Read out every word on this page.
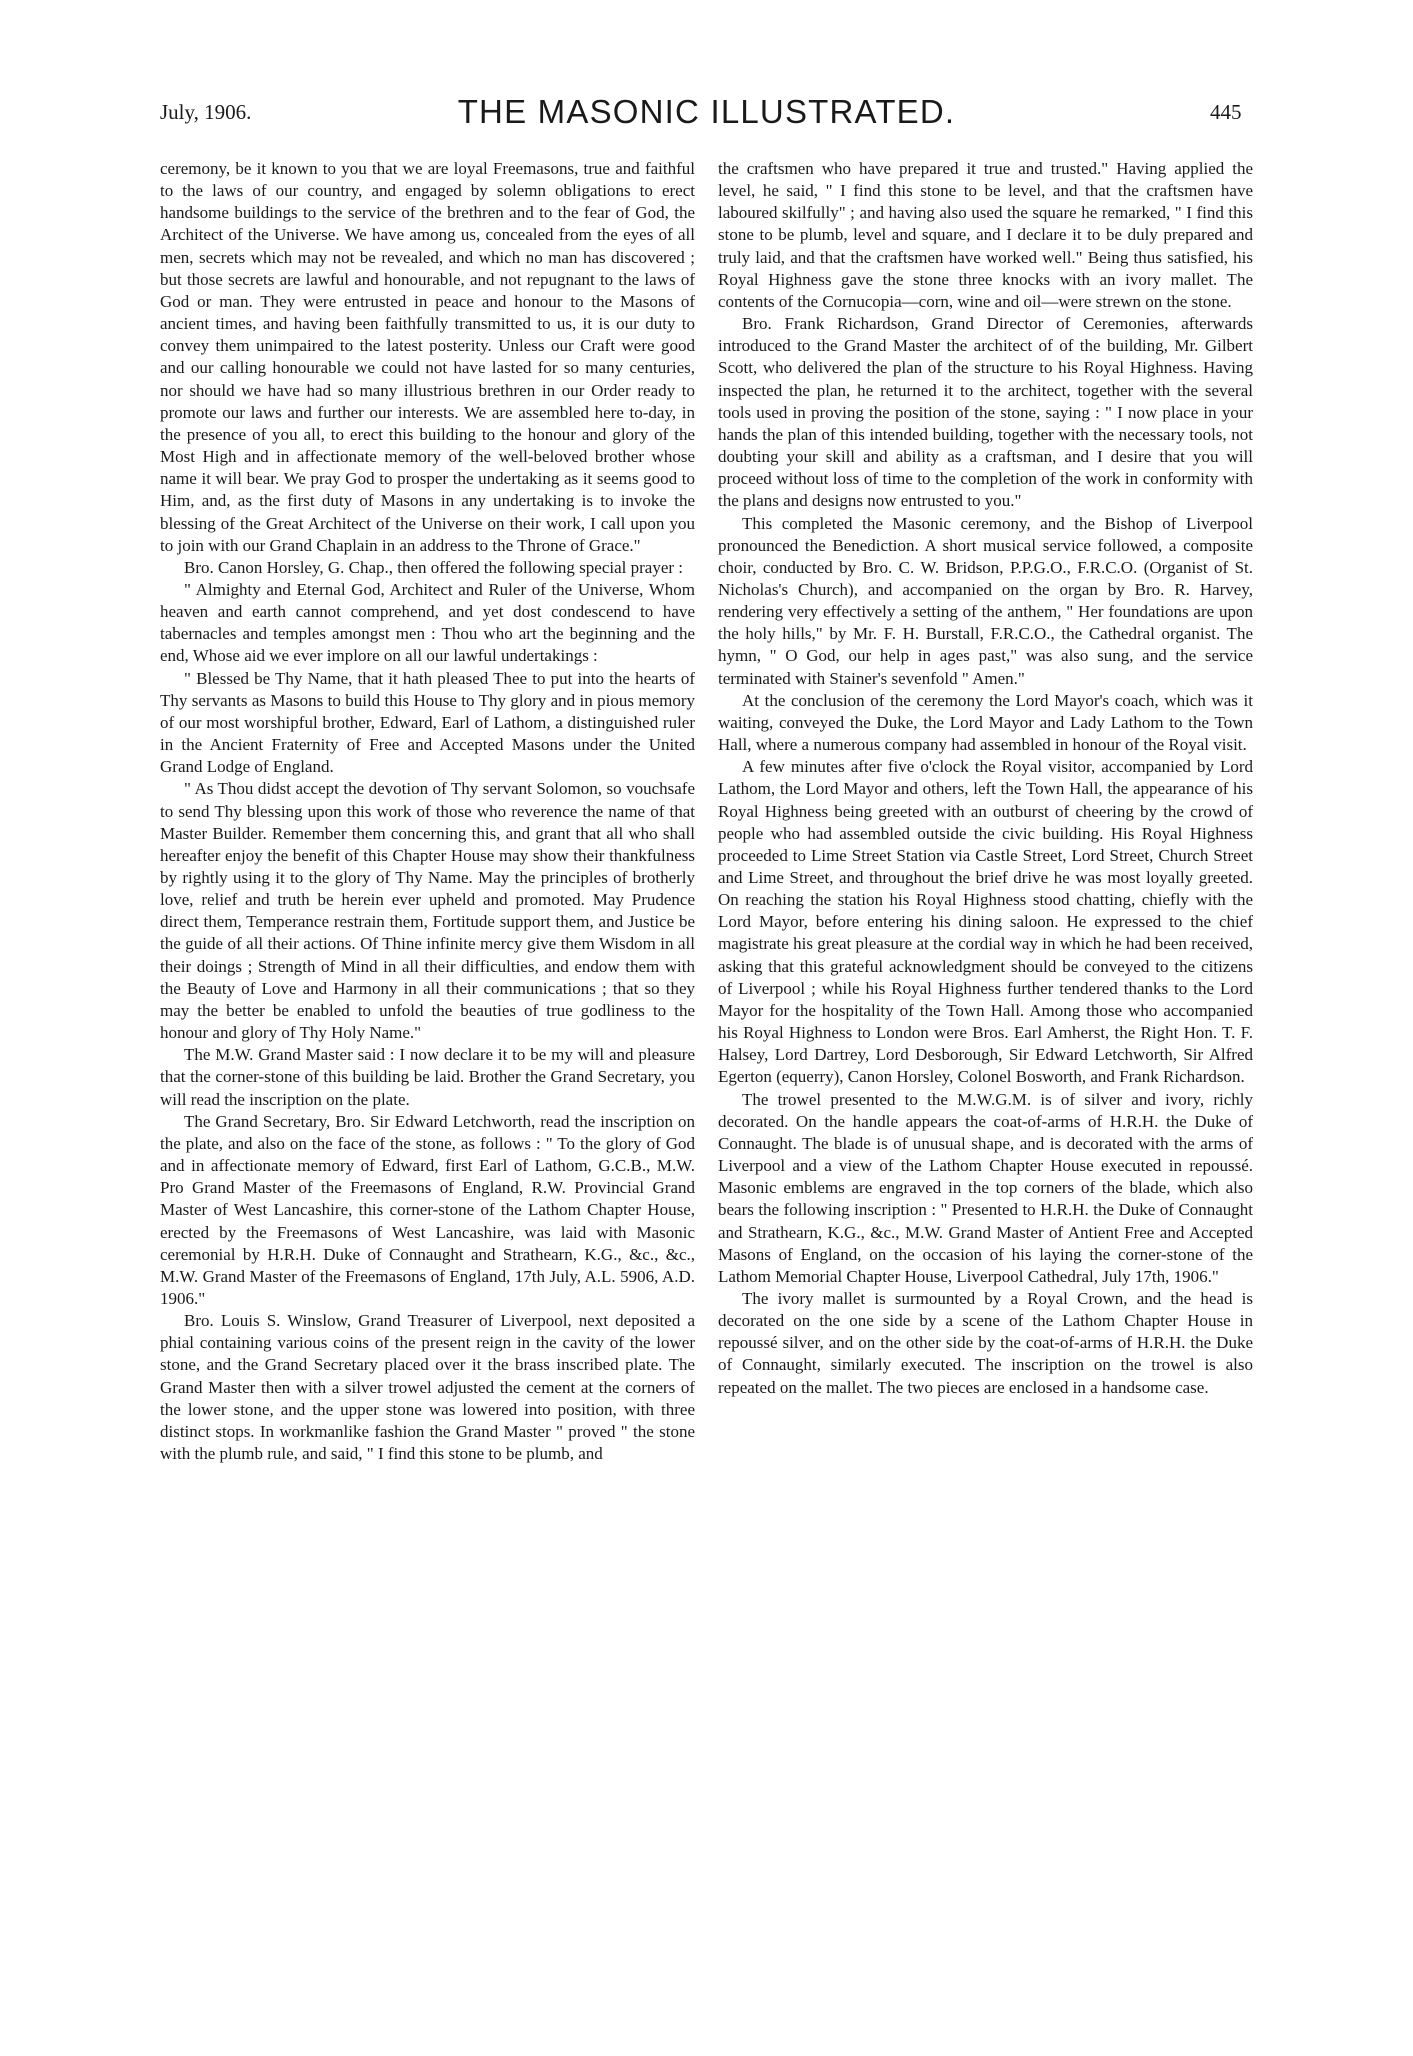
July, 1906.	THE MASONIC ILLUSTRATED.	445

ceremony, be it known to you that we are loyal Freemasons, true and faithful to the laws of our country, and engaged by solemn obligations to erect handsome buildings to the service of the brethren and to the fear of God, the Architect of the Universe. We have among us, concealed from the eyes of all men, secrets which may not be revealed, and which no man has discovered ; but those secrets are lawful and honourable, and not repugnant to the laws of God or man. They were entrusted in peace and honour to the Masons of ancient times, and having been faithfully transmitted to us, it is our duty to convey them unimpaired to the latest posterity. Unless our Craft were good and our calling honourable we could not have lasted for so many centuries, nor should we have had so many illustrious brethren in our Order ready to promote our laws and further our interests. We are assembled here to-day, in the presence of you all, to erect this building to the honour and glory of the Most High and in affectionate memory of the well-beloved brother whose name it will bear. We pray God to prosper the undertaking as it seems good to Him, and, as the first duty of Masons in any undertaking is to invoke the blessing of the Great Architect of the Universe on their work, I call upon you to join with our Grand Chaplain in an address to the Throne of Grace."

Bro. Canon Horsley, G. Chap., then offered the following special prayer :

" Almighty and Eternal God, Architect and Ruler of the Universe, Whom heaven and earth cannot comprehend, and yet dost condescend to have tabernacles and temples amongst men : Thou who art the beginning and the end, Whose aid we ever implore on all our lawful undertakings :

" Blessed be Thy Name, that it hath pleased Thee to put into the hearts of Thy servants as Masons to build this House to Thy glory and in pious memory of our most worshipful brother, Edward, Earl of Lathom, a distinguished ruler in the Ancient Fraternity of Free and Accepted Masons under the United Grand Lodge of England.

" As Thou didst accept the devotion of Thy servant Solomon, so vouchsafe to send Thy blessing upon this work of those who reverence the name of that Master Builder. Remember them concerning this, and grant that all who shall hereafter enjoy the benefit of this Chapter House may show their thankfulness by rightly using it to the glory of Thy Name. May the principles of brotherly love, relief and truth be herein ever upheld and promoted. May Prudence direct them, Temperance restrain them, Fortitude support them, and Justice be the guide of all their actions. Of Thine infinite mercy give them Wisdom in all their doings ; Strength of Mind in all their difficulties, and endow them with the Beauty of Love and Harmony in all their communications ; that so they may the better be enabled to unfold the beauties of true godliness to the honour and glory of Thy Holy Name."

The M.W. Grand Master said : I now declare it to be my will and pleasure that the corner-stone of this building be laid. Brother the Grand Secretary, you will read the inscription on the plate.

The Grand Secretary, Bro. Sir Edward Letchworth, read the inscription on the plate, and also on the face of the stone, as follows : " To the glory of God and in affectionate memory of Edward, first Earl of Lathom, G.C.B., M.W. Pro Grand Master of the Freemasons of England, R.W. Provincial Grand Master of West Lancashire, this corner-stone of the Lathom Chapter House, erected by the Freemasons of West Lancashire, was laid with Masonic ceremonial by H.R.H. Duke of Connaught and Strathearn, K.G., &c., &c., M.W. Grand Master of the Freemasons of England, 17th July, A.L. 5906, A.D. 1906."

Bro. Louis S. Winslow, Grand Treasurer of Liverpool, next deposited a phial containing various coins of the present reign in the cavity of the lower stone, and the Grand Secretary placed over it the brass inscribed plate. The Grand Master then with a silver trowel adjusted the cement at the corners of the lower stone, and the upper stone was lowered into position, with three distinct stops. In workmanlike fashion the Grand Master " proved " the stone with the plumb rule, and said, " I find this stone to be plumb, and

the craftsmen who have prepared it true and trusted." Having applied the level, he said, " I find this stone to be level, and that the craftsmen have laboured skilfully" ; and having also used the square he remarked, " I find this stone to be plumb, level and square, and I declare it to be duly prepared and truly laid, and that the craftsmen have worked well." Being thus satisfied, his Royal Highness gave the stone three knocks with an ivory mallet. The contents of the Cornucopia—corn, wine and oil—were strewn on the stone.

Bro. Frank Richardson, Grand Director of Ceremonies, afterwards introduced to the Grand Master the architect of of the building, Mr. Gilbert Scott, who delivered the plan of the structure to his Royal Highness. Having inspected the plan, he returned it to the architect, together with the several tools used in proving the position of the stone, saying : " I now place in your hands the plan of this intended building, together with the necessary tools, not doubting your skill and ability as a craftsman, and I desire that you will proceed without loss of time to the completion of the work in conformity with the plans and designs now entrusted to you."

This completed the Masonic ceremony, and the Bishop of Liverpool pronounced the Benediction. A short musical service followed, a composite choir, conducted by Bro. C. W. Bridson, P.P.G.O., F.R.C.O. (Organist of St. Nicholas's Church), and accompanied on the organ by Bro. R. Harvey, rendering very effectively a setting of the anthem, " Her foundations are upon the holy hills," by Mr. F. H. Burstall, F.R.C.O., the Cathedral organist. The hymn, " O God, our help in ages past," was also sung, and the service terminated with Stainer's sevenfold " Amen."

At the conclusion of the ceremony the Lord Mayor's coach, which was it waiting, conveyed the Duke, the Lord Mayor and Lady Lathom to the Town Hall, where a numerous company had assembled in honour of the Royal visit.

A few minutes after five o'clock the Royal visitor, accompanied by Lord Lathom, the Lord Mayor and others, left the Town Hall, the appearance of his Royal Highness being greeted with an outburst of cheering by the crowd of people who had assembled outside the civic building. His Royal Highness proceeded to Lime Street Station via Castle Street, Lord Street, Church Street and Lime Street, and throughout the brief drive he was most loyally greeted. On reaching the station his Royal Highness stood chatting, chiefly with the Lord Mayor, before entering his dining saloon. He expressed to the chief magistrate his great pleasure at the cordial way in which he had been received, asking that this grateful acknowledgment should be conveyed to the citizens of Liverpool ; while his Royal Highness further tendered thanks to the Lord Mayor for the hospitality of the Town Hall. Among those who accompanied his Royal Highness to London were Bros. Earl Amherst, the Right Hon. T. F. Halsey, Lord Dartrey, Lord Desborough, Sir Edward Letchworth, Sir Alfred Egerton (equerry), Canon Horsley, Colonel Bosworth, and Frank Richardson.

The trowel presented to the M.W.G.M. is of silver and ivory, richly decorated. On the handle appears the coat-of-arms of H.R.H. the Duke of Connaught. The blade is of unusual shape, and is decorated with the arms of Liverpool and a view of the Lathom Chapter House executed in repoussé. Masonic emblems are engraved in the top corners of the blade, which also bears the following inscription : " Presented to H.R.H. the Duke of Connaught and Strathearn, K.G., &c., M.W. Grand Master of Antient Free and Accepted Masons of England, on the occasion of his laying the corner-stone of the Lathom Memorial Chapter House, Liverpool Cathedral, July 17th, 1906."

The ivory mallet is surmounted by a Royal Crown, and the head is decorated on the one side by a scene of the Lathom Chapter House in repoussé silver, and on the other side by the coat-of-arms of H.R.H. the Duke of Connaught, similarly executed. The inscription on the trowel is also repeated on the mallet. The two pieces are enclosed in a handsome case.
